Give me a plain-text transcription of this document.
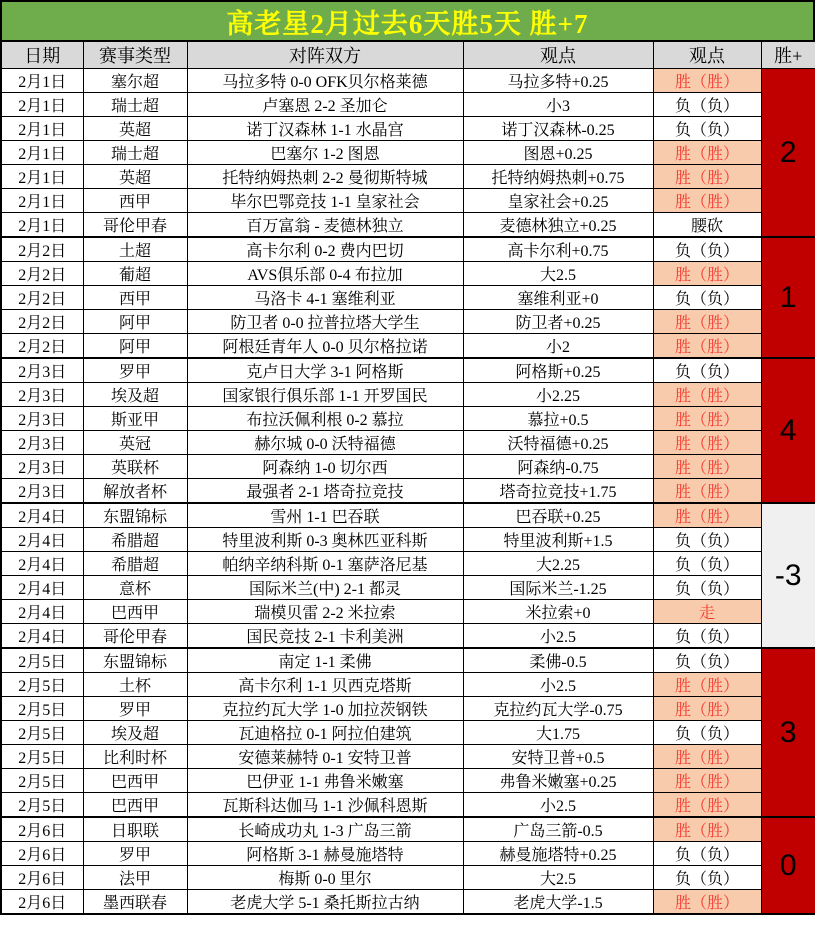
高老星2月过去6天胜5天 胜+7
日期	赛事类型	对阵双方	观点	观点	胜+
2月1日	塞尔超	马拉多特 0-0 OFK贝尔格莱德	马拉多特+0.25	胜（胜）	2
2月1日	瑞士超	卢塞恩 2-2 圣加仑	小3	负（负）	
2月1日	英超	诺丁汉森林 1-1 水晶宫	诺丁汉森林-0.25	负（负）	
2月1日	瑞士超	巴塞尔 1-2 图恩	图恩+0.25	胜（胜）	
2月1日	英超	托特纳姆热刺 2-2 曼彻斯特城	托特纳姆热刺+0.75	胜（胜）	
2月1日	西甲	毕尔巴鄂竞技 1-1 皇家社会	皇家社会+0.25	胜（胜）	
2月1日	哥伦甲春	百万富翁 - 麦德林独立	麦德林独立+0.25	腰砍	
2月2日	土超	高卡尔利 0-2 费内巴切	高卡尔利+0.75	负（负）	1
2月2日	葡超	AVS俱乐部 0-4 布拉加	大2.5	胜（胜）	
2月2日	西甲	马洛卡 4-1 塞维利亚	塞维利亚+0	负（负）	
2月2日	阿甲	防卫者 0-0 拉普拉塔大学生	防卫者+0.25	胜（胜）	
2月2日	阿甲	阿根廷青年人 0-0 贝尔格拉诺	小2	胜（胜）	
2月3日	罗甲	克卢日大学 3-1 阿格斯	阿格斯+0.25	负（负）	4
2月3日	埃及超	国家银行俱乐部 1-1 开罗国民	小2.25	胜（胜）	
2月3日	斯亚甲	布拉沃佩利根 0-2 慕拉	慕拉+0.5	胜（胜）	
2月3日	英冠	赫尔城 0-0 沃特福德	沃特福德+0.25	胜（胜）	
2月3日	英联杯	阿森纳 1-0 切尔西	阿森纳-0.75	胜（胜）	
2月3日	解放者杯	最强者 2-1 塔奇拉竞技	塔奇拉竞技+1.75	胜（胜）	
2月4日	东盟锦标	雪州 1-1 巴吞联	巴吞联+0.25	胜（胜）	-3
2月4日	希腊超	特里波利斯 0-3 奥林匹亚科斯	特里波利斯+1.5	负（负）	
2月4日	希腊超	帕纳辛纳科斯 0-1 塞萨洛尼基	大2.25	负（负）	
2月4日	意杯	国际米兰(中) 2-1 都灵	国际米兰-1.25	负（负）	
2月4日	巴西甲	瑞模贝雷 2-2 米拉索	米拉索+0	走	
2月4日	哥伦甲春	国民竞技 2-1 卡利美洲	小2.5	负（负）	
2月5日	东盟锦标	南定 1-1 柔佛	柔佛-0.5	负（负）	3
2月5日	土杯	高卡尔利 1-1 贝西克塔斯	小2.5	胜（胜）	
2月5日	罗甲	克拉约瓦大学 1-0 加拉茨钢铁	克拉约瓦大学-0.75	胜（胜）	
2月5日	埃及超	瓦迪格拉 0-1 阿拉伯建筑	大1.75	负（负）	
2月5日	比利时杯	安德莱赫特 0-1 安特卫普	安特卫普+0.5	胜（胜）	
2月5日	巴西甲	巴伊亚 1-1 弗鲁米嫩塞	弗鲁米嫩塞+0.25	胜（胜）	
2月5日	巴西甲	瓦斯科达伽马 1-1 沙佩科恩斯	小2.5	胜（胜）	
2月6日	日职联	长崎成功丸 1-3 广岛三箭	广岛三箭-0.5	胜（胜）	0
2月6日	罗甲	阿格斯 3-1 赫曼施塔特	赫曼施塔特+0.25	负（负）	
2月6日	法甲	梅斯 0-0 里尔	大2.5	负（负）	
2月6日	墨西联春	老虎大学 5-1 桑托斯拉古纳	老虎大学-1.5	胜（胜）	
